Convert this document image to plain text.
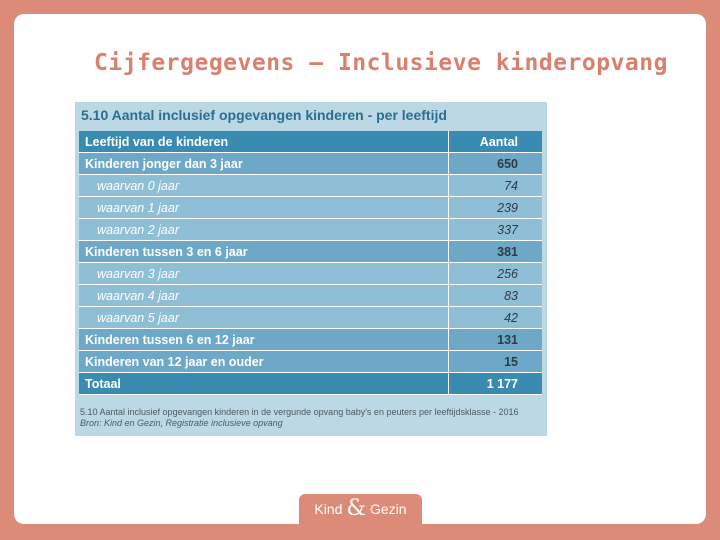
Cijfergegevens – Inclusieve kinderopvang
5.10 Aantal inclusief opgevangen kinderen - per leeftijd
Leeftijd van de kinderen	Aantal
Kinderen jonger dan 3 jaar	650
waarvan 0 jaar	74
waarvan 1 jaar	239
waarvan 2 jaar	337
Kinderen tussen 3 en 6 jaar	381
waarvan 3 jaar	256
waarvan 4 jaar	83
waarvan 5 jaar	42
Kinderen tussen 6 en 12 jaar	131
Kinderen van 12 jaar en ouder	15
Totaal	1 177
5.10 Aantal inclusief opgevangen kinderen in de vergunde opvang baby's en peuters per leeftijdsklasse - 2016
Bron: Kind en Gezin, Registratie inclusieve opvang
Kind & Gezin
